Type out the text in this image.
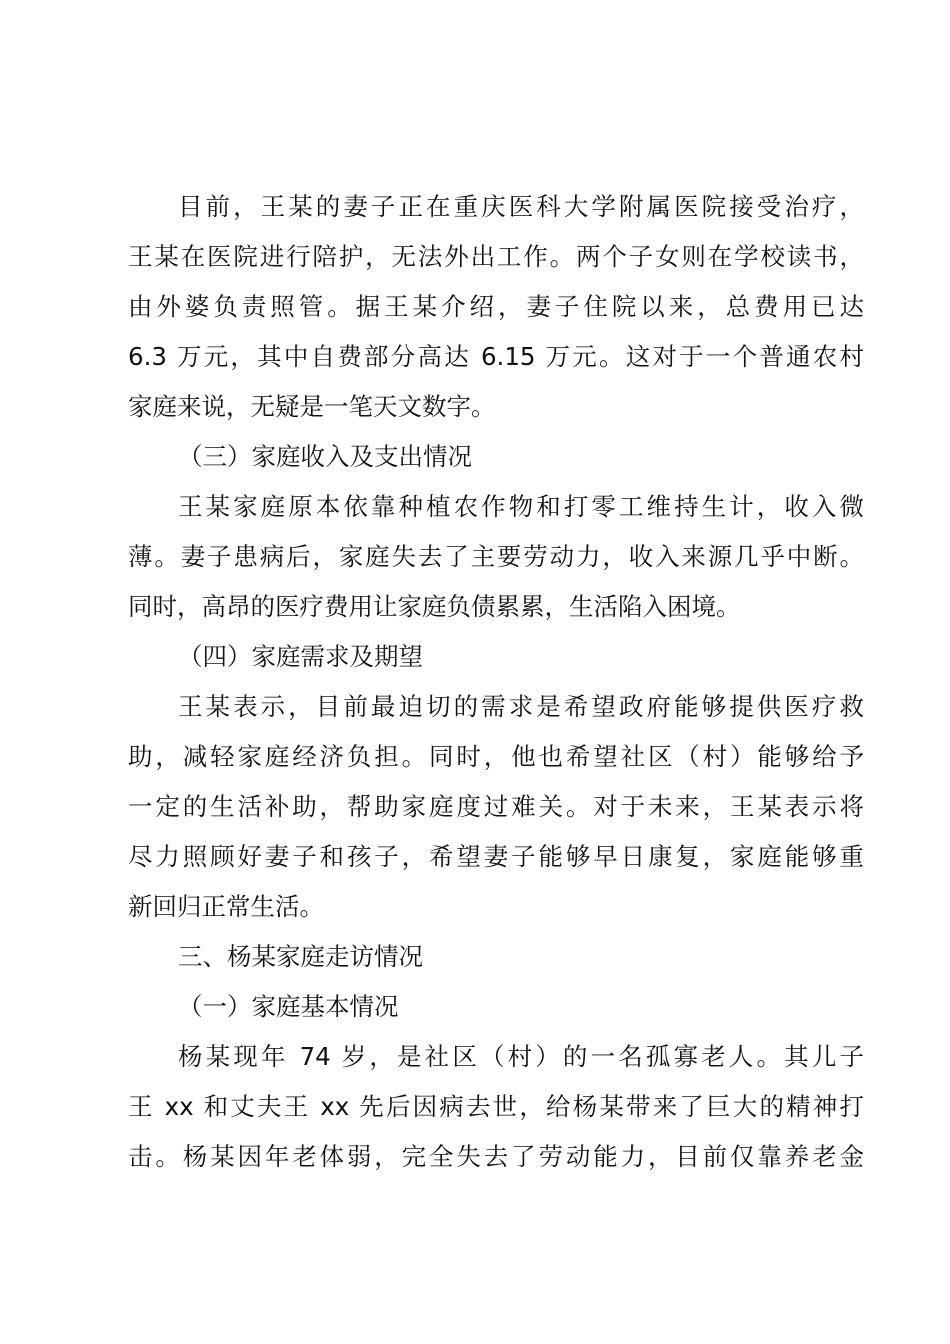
目前，王某的妻子正在重庆医科大学附属医院接受治疗，
王某在医院进行陪护，无法外出工作。两个子女则在学校读书，
由外婆负责照管。据王某介绍，妻子住院以来，总费用已达
6.3 万元，其中自费部分高达 6.15 万元。这对于一个普通农村
家庭来说，无疑是一笔天文数字。
（三）家庭收入及支出情况
王某家庭原本依靠种植农作物和打零工维持生计，收入微
薄。妻子患病后，家庭失去了主要劳动力，收入来源几乎中断。
同时，高昂的医疗费用让家庭负债累累，生活陷入困境。
（四）家庭需求及期望
王某表示，目前最迫切的需求是希望政府能够提供医疗救
助，减轻家庭经济负担。同时，他也希望社区（村）能够给予
一定的生活补助，帮助家庭度过难关。对于未来，王某表示将
尽力照顾好妻子和孩子，希望妻子能够早日康复，家庭能够重
新回归正常生活。
三、杨某家庭走访情况
（一）家庭基本情况
杨某现年 74 岁，是社区（村）的一名孤寡老人。其儿子
王 xx 和丈夫王 xx 先后因病去世，给杨某带来了巨大的精神打
击。杨某因年老体弱，完全失去了劳动能力，目前仅靠养老金
